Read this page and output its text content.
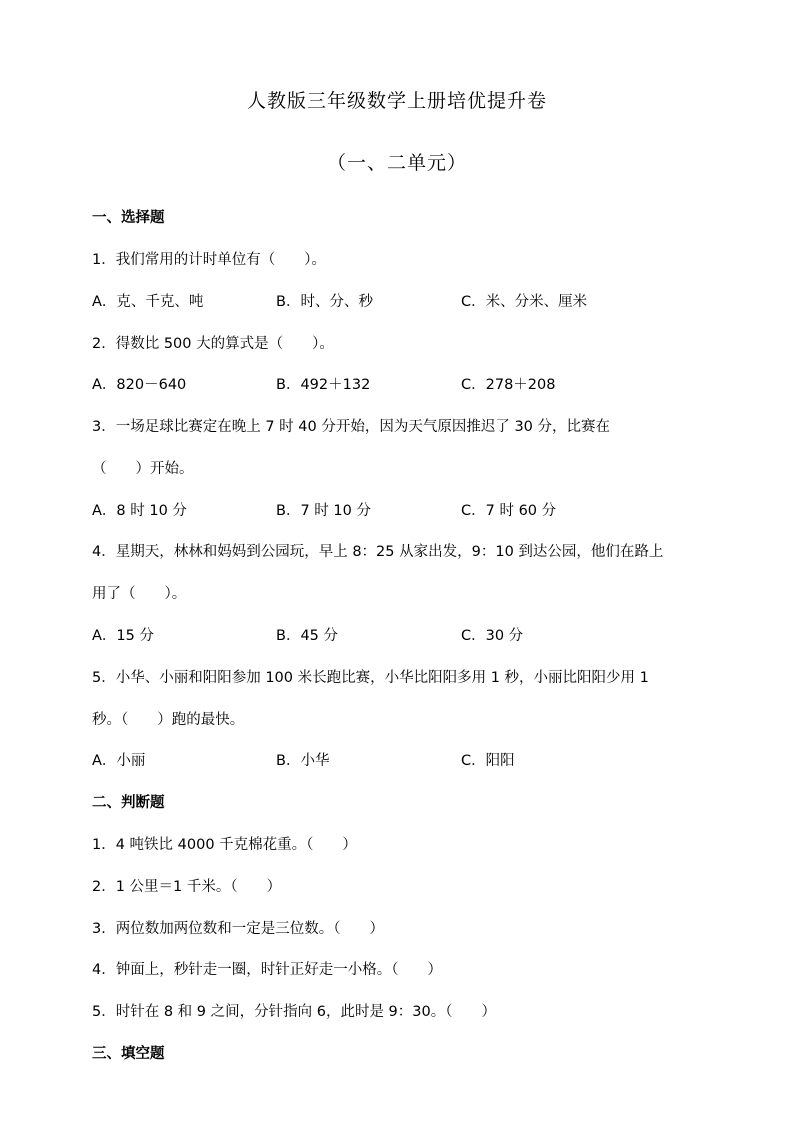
人教版三年级数学上册培优提升卷
（一、二单元）
一、选择题
1．我们常用的计时单位有（　　）。
A．克、千克、吨	B．时、分、秒	C．米、分米、厘米
2．得数比 500 大的算式是（　　）。
A．820－640	B．492＋132	C．278＋208
3．一场足球比赛定在晚上 7 时 40 分开始，因为天气原因推迟了 30 分，比赛在
（　　）开始。
A．8 时 10 分	B．7 时 10 分	C．7 时 60 分
4．星期天，林林和妈妈到公园玩，早上 8：25 从家出发，9：10 到达公园，他们在路上
用了（　　）。
A．15 分	B．45 分	C．30 分
5．小华、小丽和阳阳参加 100 米长跑比赛，小华比阳阳多用 1 秒，小丽比阳阳少用 1
秒。（　　）跑的最快。
A．小丽	B．小华	C．阳阳
二、判断题
1．4 吨铁比 4000 千克棉花重。（　　）
2．1 公里＝1 千米。（　　）
3．两位数加两位数和一定是三位数。（　　）
4．钟面上，秒针走一圈，时针正好走一小格。（　　）
5．时针在 8 和 9 之间，分针指向 6，此时是 9：30。（　　）
三、填空题
